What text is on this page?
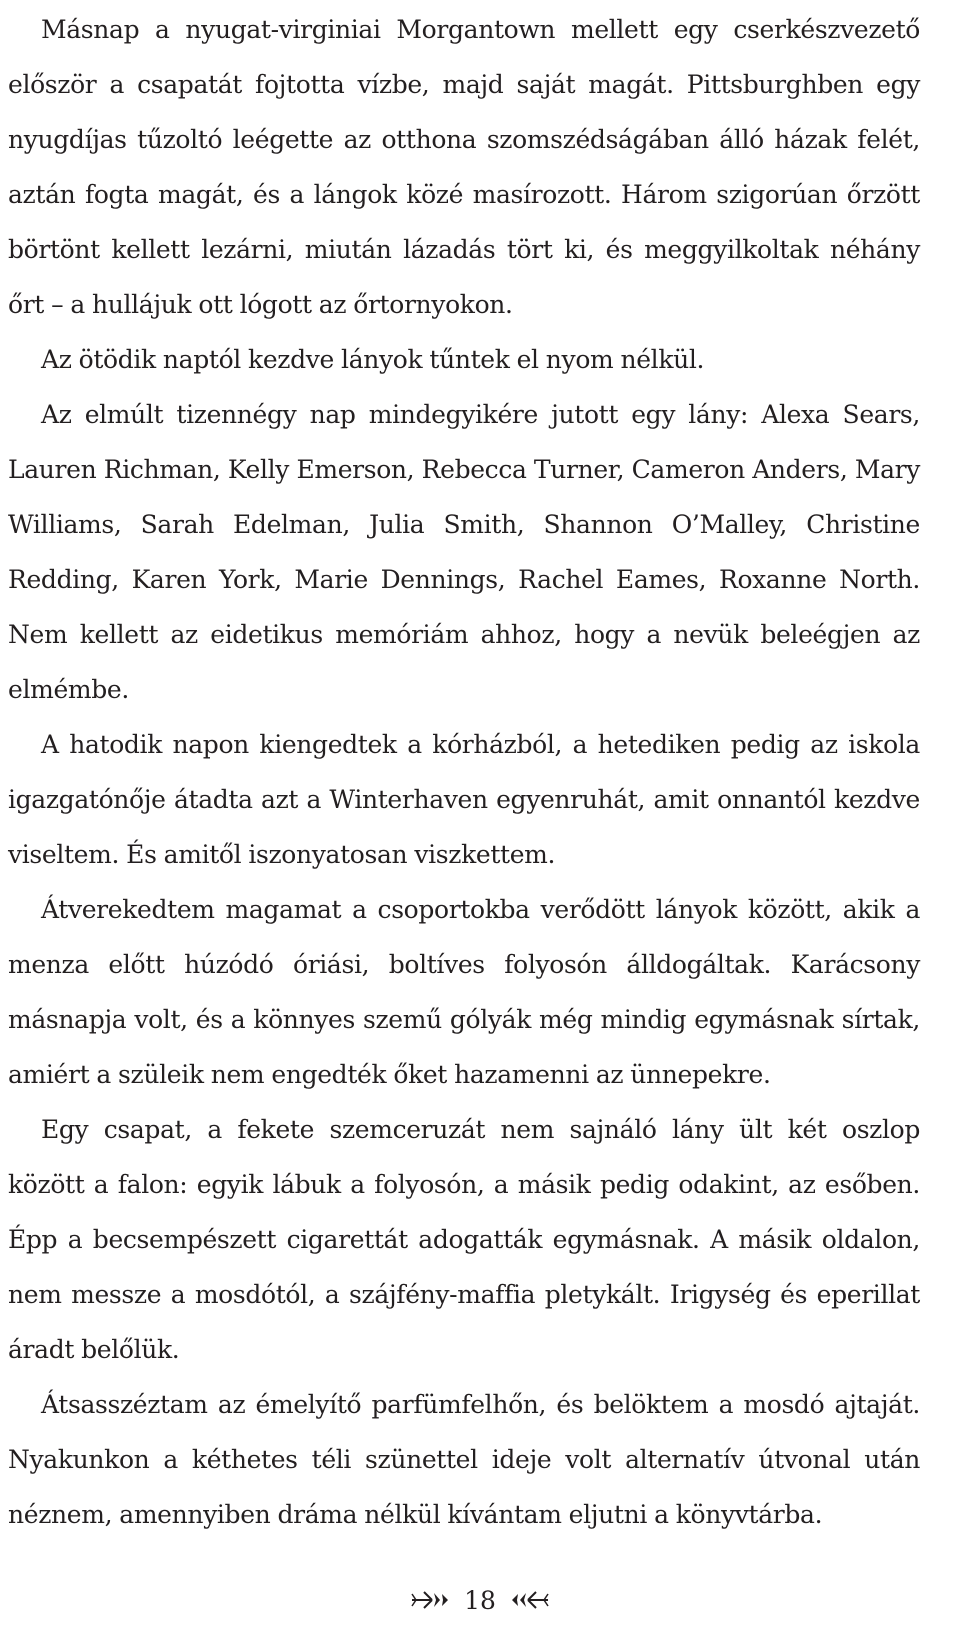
Másnap a nyugat-virginiai Morgantown mellett egy cserkészvezető először a csapatát fojtotta vízbe, majd saját magát. Pittsburghben egy nyugdíjas tűzoltó leégette az otthona szomszédságában álló házak felét, aztán fogta magát, és a lángok közé masírozott. Három szigorúan őrzött börtönt kellett lezárni, miután lázadás tört ki, és meggyilkoltak néhány őrt – a hullájuk ott lógott az őrtornyokon.

Az ötödik naptól kezdve lányok tűntek el nyom nélkül.

Az elmúlt tizennégy nap mindegyikére jutott egy lány: Alexa Sears, Lauren Richman, Kelly Emerson, Rebecca Turner, Cameron Anders, Mary Williams, Sarah Edelman, Julia Smith, Shannon O’Malley, Christine Redding, Karen York, Marie Dennings, Rachel Eames, Roxanne North. Nem kellett az eidetikus memóriám ahhoz, hogy a nevük beleégjen az elmémbe.

A hatodik napon kiengedtek a kórházból, a hetediken pedig az iskola igazgatónője átadta azt a Winterhaven egyenruhát, amit onnantól kezdve viseltem. És amitől iszonyatosan viszkettem.

Átverekedtem magamat a csoportokba verődött lányok között, akik a menza előtt húzódó óriási, boltíves folyosón álldogáltak. Karácsony másnapja volt, és a könnyes szemű gólyák még mindig egymásnak sírtak, amiért a szüleik nem engedték őket hazamenni az ünnepekre.

Egy csapat, a fekete szemceruzát nem sajnáló lány ült két oszlop között a falon: egyik lábuk a folyosón, a másik pedig odakint, az esőben. Épp a becsempészett cigarettát adogatták egymásnak. A másik oldalon, nem messze a mosdótól, a szájfény-maffia pletykált. Irigység és eperillat áradt belőlük.

Átsasszéztam az émelyítő parfümfelhőn, és belöktem a mosdó ajtaját. Nyakunkon a kéthetes téli szünettel ideje volt alternatív útvonal után néznem, amennyiben dráma nélkül kívántam eljutni a könyvtárba.

18
